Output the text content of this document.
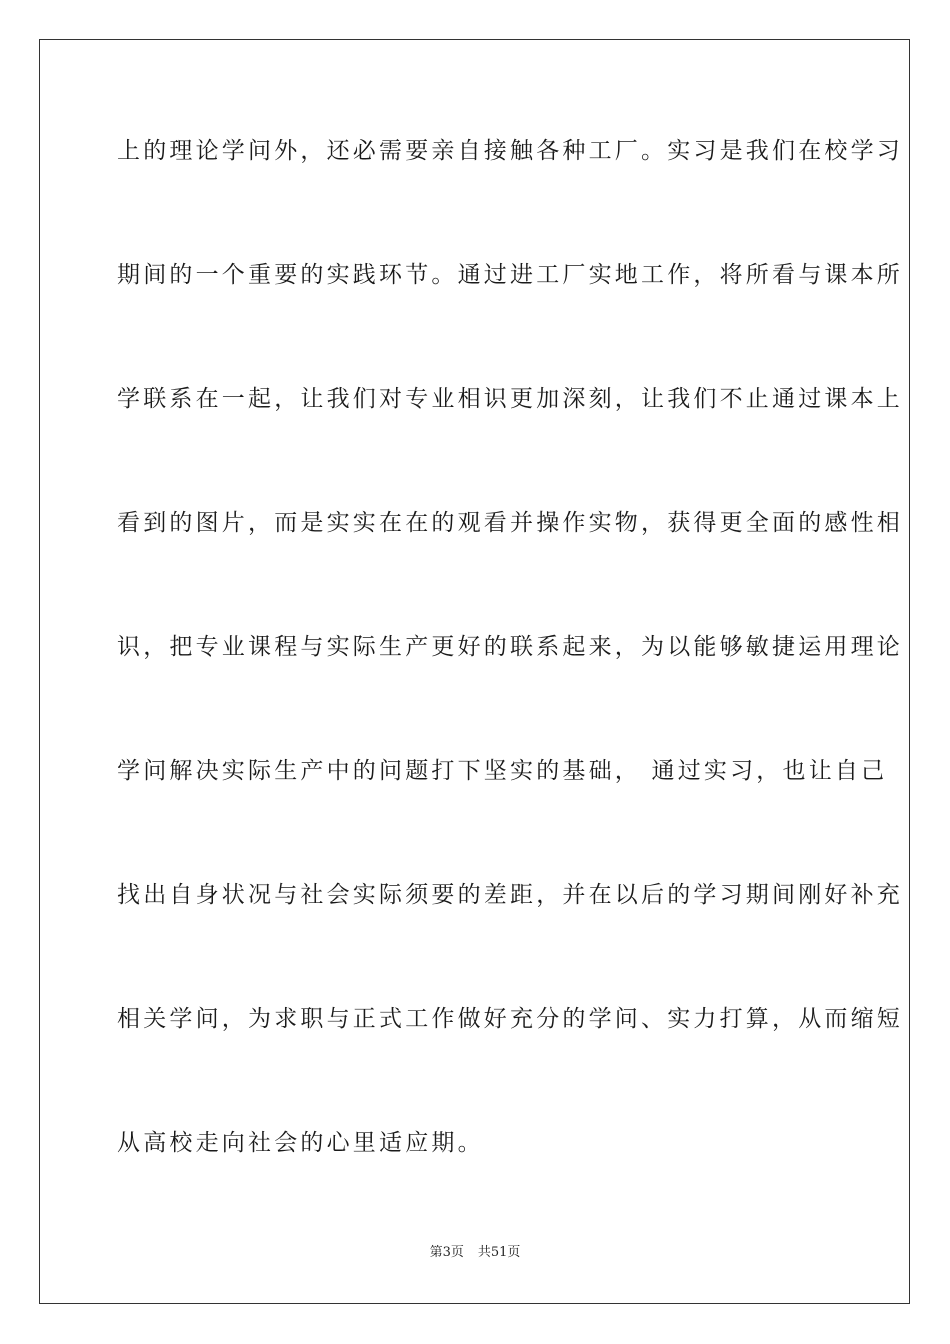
上的理论学问外，还必需要亲自接触各种工厂。实习是我们在校学习
期间的一个重要的实践环节。通过进工厂实地工作，将所看与课本所
学联系在一起，让我们对专业相识更加深刻，让我们不止通过课本上
看到的图片，而是实实在在的观看并操作实物，获得更全面的感性相
识，把专业课程与实际生产更好的联系起来，为以能够敏捷运用理论
学问解决实际生产中的问题打下坚实的基础， 通过实习，也让自己
找出自身状况与社会实际须要的差距，并在以后的学习期间刚好补充
相关学问，为求职与正式工作做好充分的学问、实力打算，从而缩短
从高校走向社会的心里适应期。
第3页 共51页
